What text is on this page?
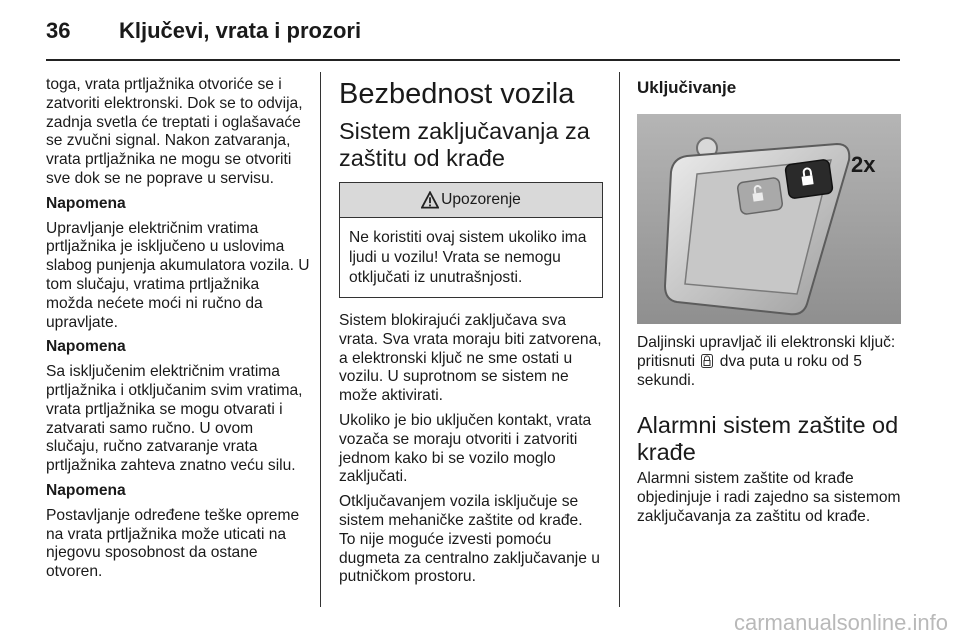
36 Ključevi, vrata i prozori

toga, vrata prtljažnika otvoriće se i zatvoriti elektronski. Dok se to odvija, zadnja svetla će treptati i oglašavaće se zvučni signal. Nakon zatvaranja, vrata prtljažnika ne mogu se otvoriti sve dok se ne poprave u servisu.

Napomena

Upravljanje električnim vratima prtljažnika je isključeno u uslovima slabog punjenja akumulatora vozila. U tom slučaju, vratima prtljažnika možda nećete moći ni ručno da upravljate.

Napomena

Sa isključenim električnim vratima prtljažnika i otključanim svim vratima, vrata prtljažnika se mogu otvarati i zatvarati samo ručno. U ovom slučaju, ručno zatvaranje vrata prtljažnika zahteva znatno veću silu.

Napomena

Postavljanje određene teške opreme na vrata prtljažnika može uticati na njegovu sposobnost da ostane otvoren.

Bezbednost vozila
Sistem zaključavanja za zaštitu od krađe
Upozorenje
Ne koristiti ovaj sistem ukoliko ima ljudi u vozilu! Vrata se nemogu otključati iz unutrašnjosti.

Sistem blokirajući zaključava sva vrata. Sva vrata moraju biti zatvorena, a elektronski ključ ne sme ostati u vozilu. U suprotnom se sistem ne može aktivirati.

Ukoliko je bio uključen kontakt, vrata vozača se moraju otvoriti i zatvoriti jednom kako bi se vozilo moglo zaključati.

Otključavanjem vozila isključuje se sistem mehaničke zaštite od krađe. To nije moguće izvesti pomoću dugmeta za centralno zaključavanje u putničkom prostoru.

Uključivanje
2x

Daljinski upravljač ili elektronski ključ: pritisnuti dva puta u roku od 5 sekundi.

Alarmni sistem zaštite od krađe

Alarmni sistem zaštite od krađe objedinjuje i radi zajedno sa sistemom zaključavanja za zaštitu od krađe.

carmanualsonline.info
